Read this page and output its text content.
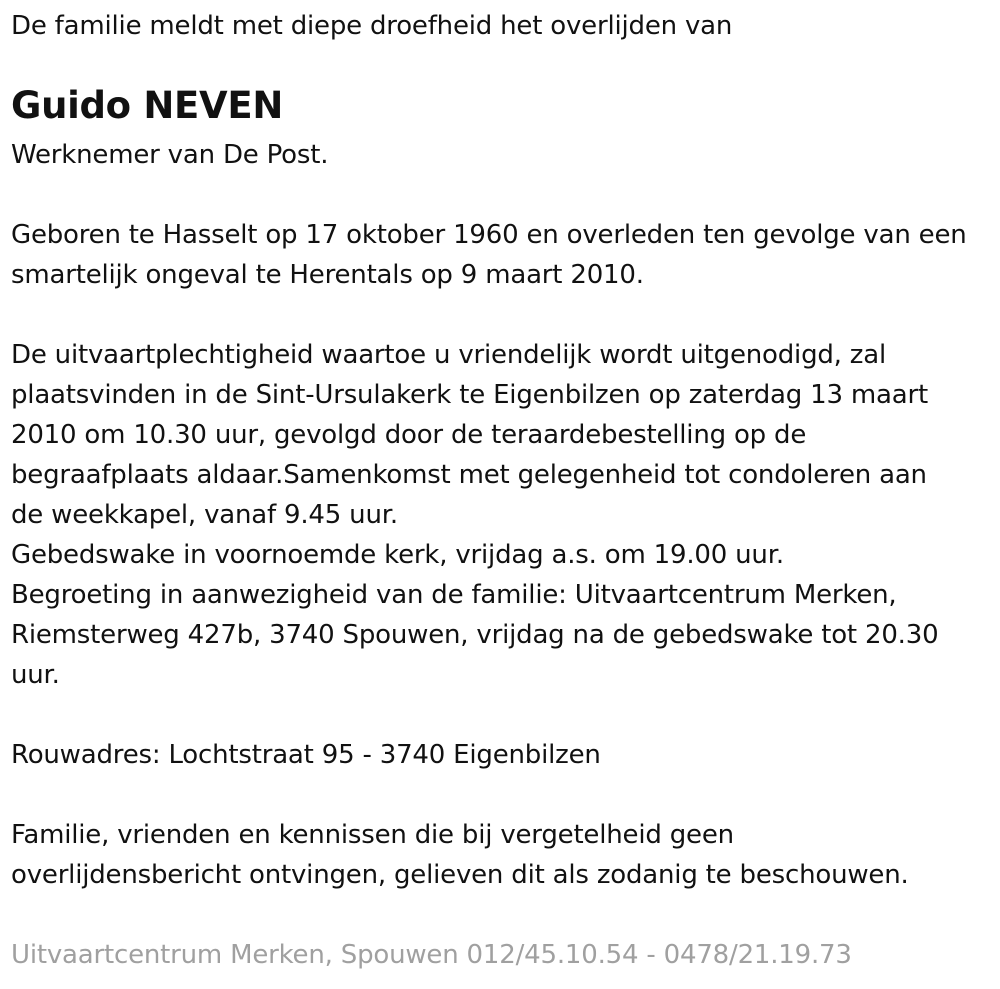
De familie meldt met diepe droefheid het overlijden van
Guido NEVEN
Werknemer van De Post.
Geboren te Hasselt op 17 oktober 1960 en overleden ten gevolge van een
smartelijk ongeval te Herentals op 9 maart 2010.
De uitvaartplechtigheid waartoe u vriendelijk wordt uitgenodigd, zal
plaatsvinden in de Sint-Ursulakerk te Eigenbilzen op zaterdag 13 maart
2010 om 10.30 uur, gevolgd door de teraardebestelling op de
begraafplaats aldaar.Samenkomst met gelegenheid tot condoleren aan
de weekkapel, vanaf 9.45 uur.
Gebedswake in voornoemde kerk, vrijdag a.s. om 19.00 uur.
Begroeting in aanwezigheid van de familie: Uitvaartcentrum Merken,
Riemsterweg 427b, 3740 Spouwen, vrijdag na de gebedswake tot 20.30
uur.
Rouwadres: Lochtstraat 95 - 3740 Eigenbilzen
Familie, vrienden en kennissen die bij vergetelheid geen
overlijdensbericht ontvingen, gelieven dit als zodanig te beschouwen.
Uitvaartcentrum Merken, Spouwen 012/45.10.54 - 0478/21.19.73
